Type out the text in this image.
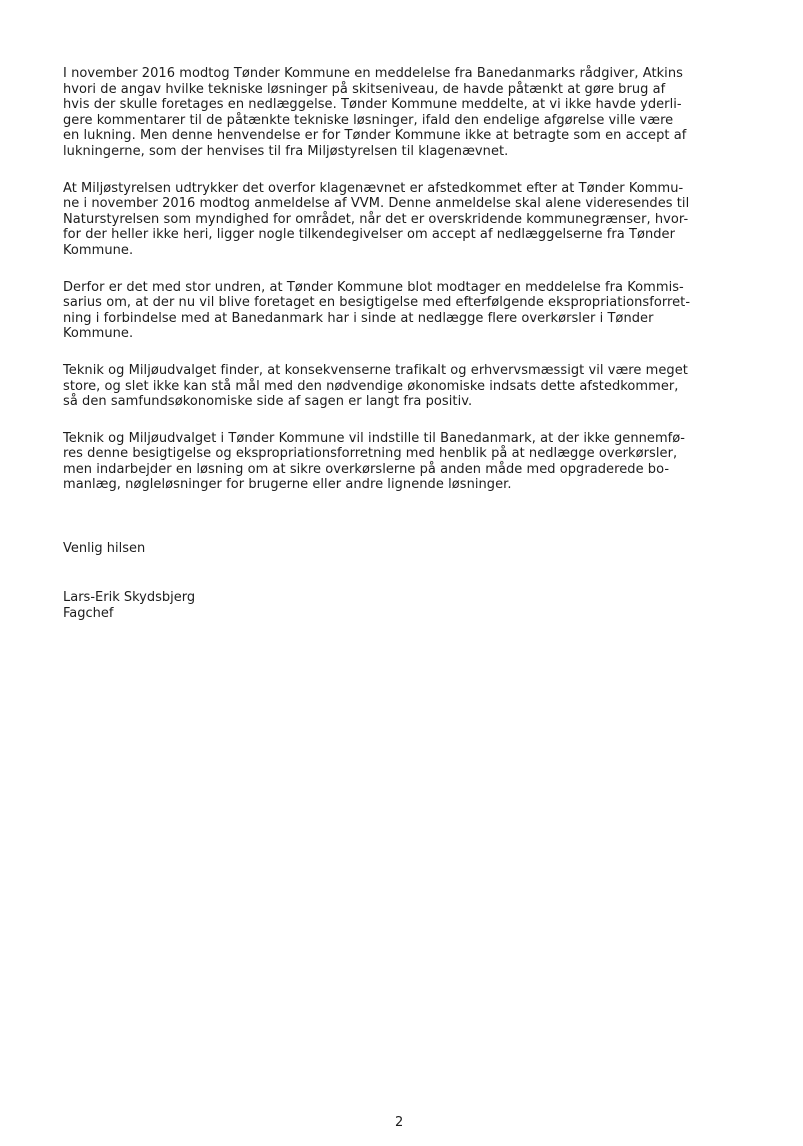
I november 2016 modtog Tønder Kommune en meddelelse fra Banedanmarks rådgiver, Atkins
hvori de angav hvilke tekniske løsninger på skitseniveau, de havde påtænkt at gøre brug af
hvis der skulle foretages en nedlæggelse. Tønder Kommune meddelte, at vi ikke havde yderli-
gere kommentarer til de påtænkte tekniske løsninger, ifald den endelige afgørelse ville være
en lukning. Men denne henvendelse er for Tønder Kommune ikke at betragte som en accept af
lukningerne, som der henvises til fra Miljøstyrelsen til klagenævnet.

At Miljøstyrelsen udtrykker det overfor klagenævnet er afstedkommet efter at Tønder Kommu-
ne i november 2016 modtog anmeldelse af VVM. Denne anmeldelse skal alene videresendes til
Naturstyrelsen som myndighed for området, når det er overskridende kommunegrænser, hvor-
for der heller ikke heri, ligger nogle tilkendegivelser om accept af nedlæggelserne fra Tønder
Kommune.

Derfor er det med stor undren, at Tønder Kommune blot modtager en meddelelse fra Kommis-
sarius om, at der nu vil blive foretaget en besigtigelse med efterfølgende ekspropriationsforret-
ning i forbindelse med at Banedanmark har i sinde at nedlægge flere overkørsler i Tønder
Kommune.

Teknik og Miljøudvalget finder, at konsekvenserne trafikalt og erhvervsmæssigt vil være meget
store, og slet ikke kan stå mål med den nødvendige økonomiske indsats dette afstedkommer,
så den samfundsøkonomiske side af sagen er langt fra positiv.

Teknik og Miljøudvalget i Tønder Kommune vil indstille til Banedanmark, at der ikke gennemfø-
res denne besigtigelse og ekspropriationsforretning med henblik på at nedlægge overkørsler,
men indarbejder en løsning om at sikre overkørslerne på anden måde med opgraderede bo-
manlæg, nøgleløsninger for brugerne eller andre lignende løsninger.

Venlig hilsen
Lars-Erik Skydsbjerg
Fagchef
2
